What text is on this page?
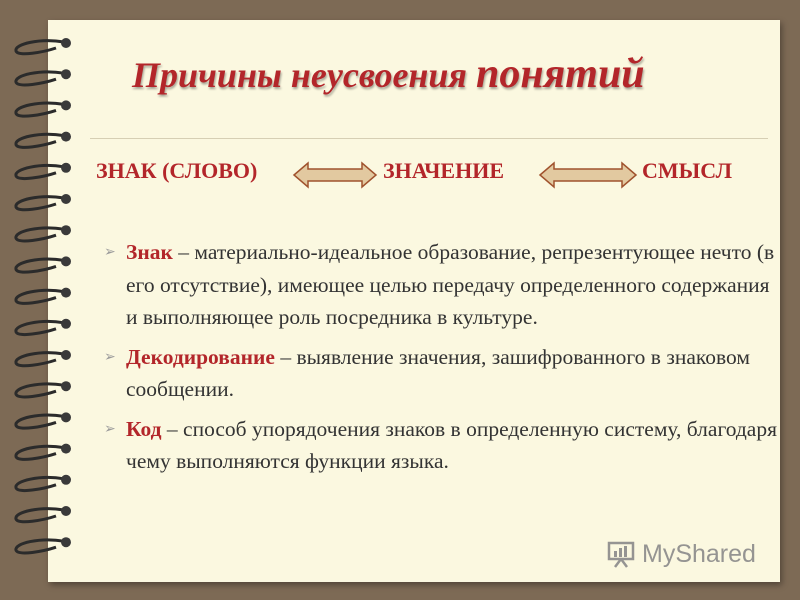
Причины неусвоения понятий
ЗНАК (СЛОВО)	ЗНАЧЕНИЕ	СМЫСЛ
➢ Знак – материально-идеальное образование, репрезентующее нечто (в его отсутствие), имеющее целью передачу определенного содержания и выполняющее роль посредника в культуре.
➢ Декодирование – выявление значения, зашифрованного в знаковом сообщении.
➢ Код – способ упорядочения знаков в определенную систему, благодаря чему выполняются функции языка.
MyShared
